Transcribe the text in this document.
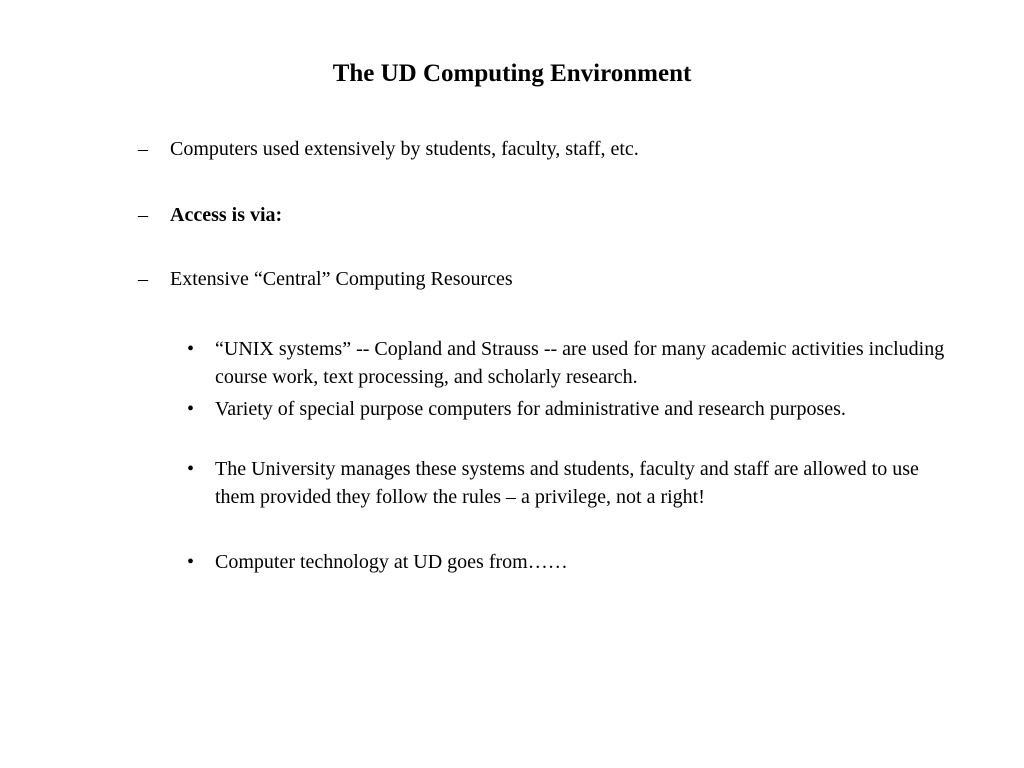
The UD Computing Environment
– Computers used extensively by students, faculty, staff, etc.
– Access is via:
– Extensive “Central” Computing Resources
•	“UNIX systems” -- Copland and Strauss -- are used for many academic activities including course work, text processing, and scholarly research.
•	Variety of special purpose computers for administrative and research purposes.
•	The University manages these systems and students, faculty and staff are allowed to use them provided they follow the rules – a privilege, not a right!
•	Computer technology at UD goes from……
